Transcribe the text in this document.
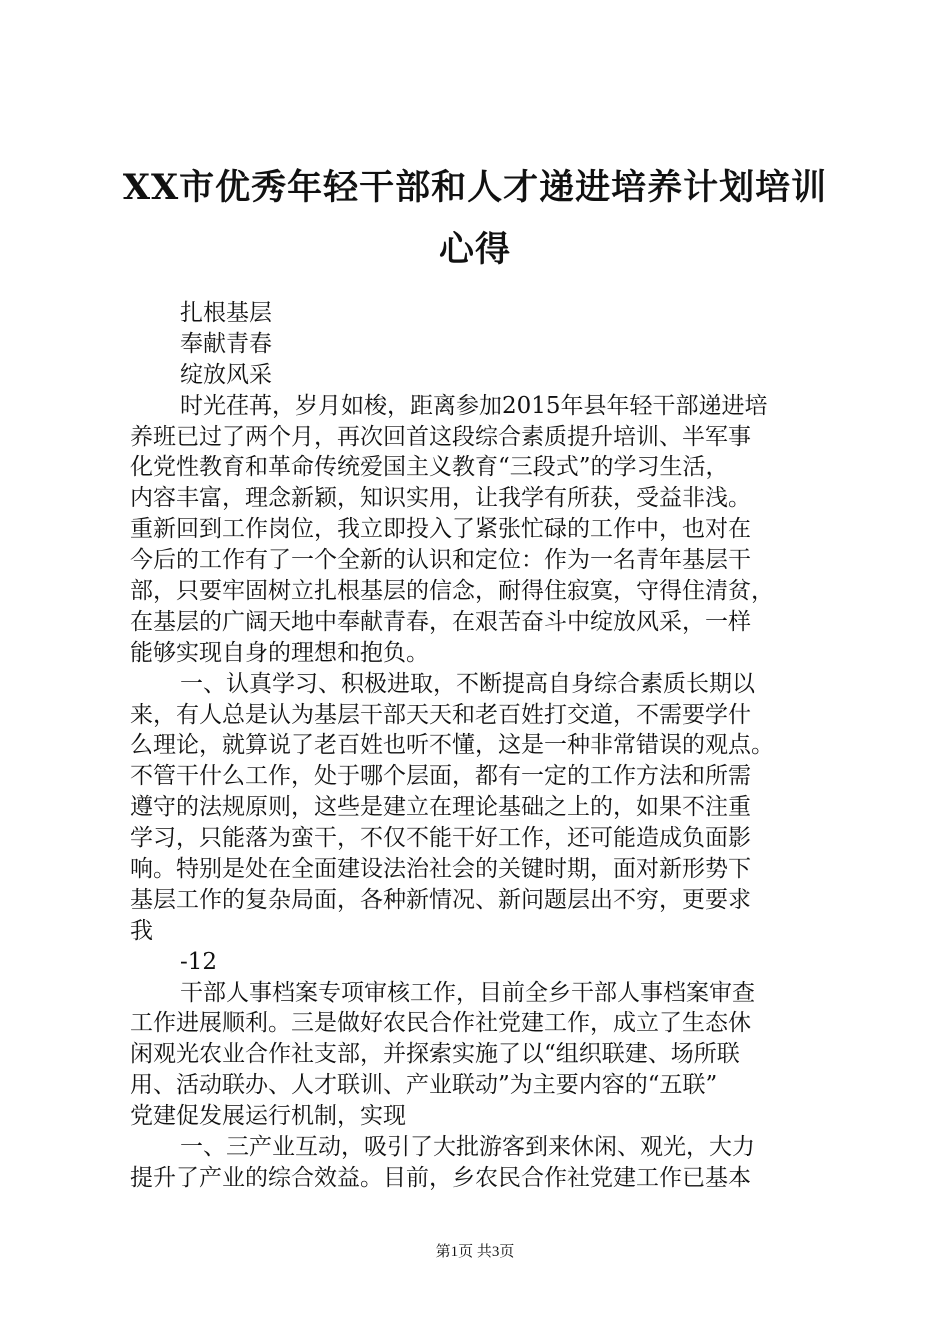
XX市优秀年轻干部和人才递进培养计划培训
心得
扎根基层
奉献青春
绽放风采
时光荏苒，岁月如梭，距离参加2015年县年轻干部递进培
养班已过了两个月，再次回首这段综合素质提升培训、半军事
化党性教育和革命传统爱国主义教育“三段式”的学习生活，
内容丰富，理念新颖，知识实用，让我学有所获，受益非浅。
重新回到工作岗位，我立即投入了紧张忙碌的工作中，也对在
今后的工作有了一个全新的认识和定位：作为一名青年基层干
部，只要牢固树立扎根基层的信念，耐得住寂寞，守得住清贫，
在基层的广阔天地中奉献青春，在艰苦奋斗中绽放风采，一样
能够实现自身的理想和抱负。
一、认真学习、积极进取，不断提高自身综合素质长期以
来，有人总是认为基层干部天天和老百姓打交道，不需要学什
么理论，就算说了老百姓也听不懂，这是一种非常错误的观点。
不管干什么工作，处于哪个层面，都有一定的工作方法和所需
遵守的法规原则，这些是建立在理论基础之上的，如果不注重
学习，只能落为蛮干，不仅不能干好工作，还可能造成负面影
响。特别是处在全面建设法治社会的关键时期，面对新形势下
基层工作的复杂局面，各种新情况、新问题层出不穷，更要求
我
-12
干部人事档案专项审核工作，目前全乡干部人事档案审查
工作进展顺利。三是做好农民合作社党建工作，成立了生态休
闲观光农业合作社支部，并探索实施了以“组织联建、场所联
用、活动联办、人才联训、产业联动”为主要内容的“五联”
党建促发展运行机制，实现
一、三产业互动，吸引了大批游客到来休闲、观光，大力
提升了产业的综合效益。目前，乡农民合作社党建工作已基本
第1页 共3页
